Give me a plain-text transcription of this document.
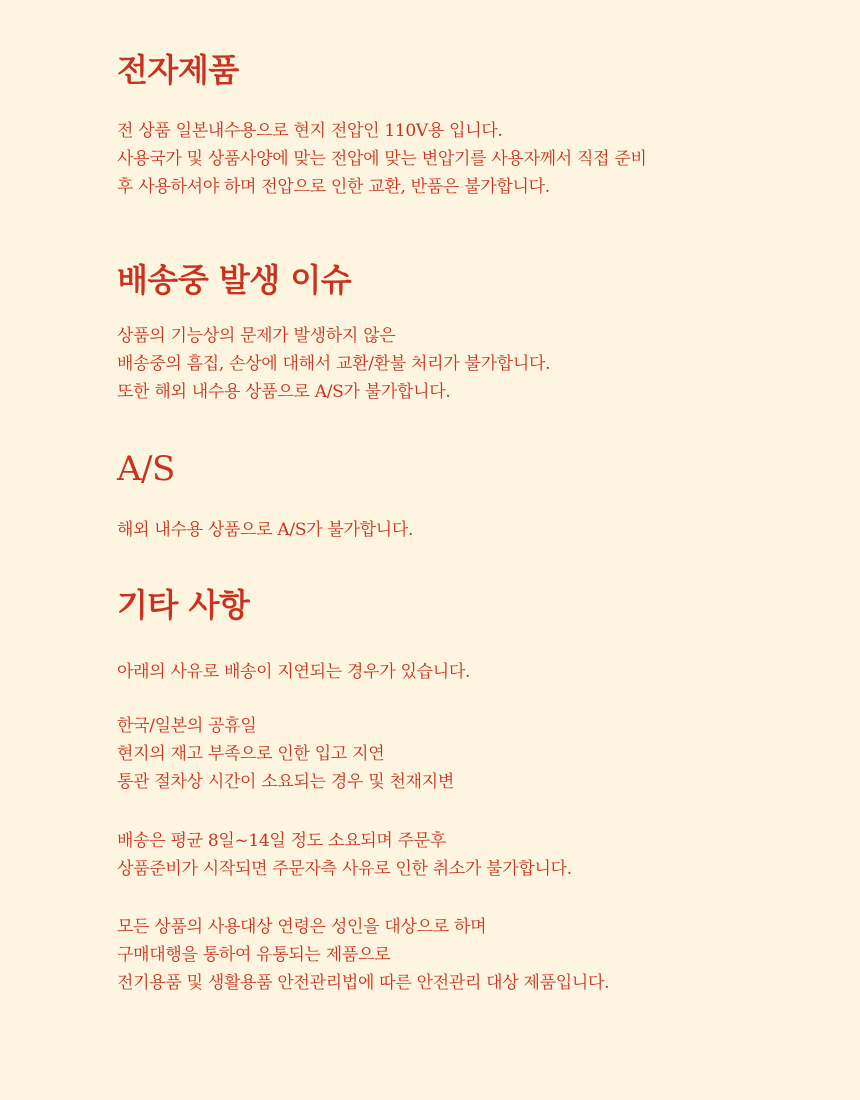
전자제품

전 상품 일본내수용으로 현지 전압인 110V용 입니다.
사용국가 및 상품사양에 맞는 전압에 맞는 변압기를 사용자께서 직접 준비
후 사용하셔야 하며 전압으로 인한 교환, 반품은 불가합니다.

배송중 발생 이슈

상품의 기능상의 문제가 발생하지 않은
배송중의 흠집, 손상에 대해서 교환/환불 처리가 불가합니다.
또한 해외 내수용 상품으로 A/S가 불가합니다.

A/S

해외 내수용 상품으로 A/S가 불가합니다.

기타 사항

아래의 사유로 배송이 지연되는 경우가 있습니다.

한국/일본의 공휴일
현지의 재고 부족으로 인한 입고 지연
통관 절차상 시간이 소요되는 경우 및 천재지변

배송은 평균 8일~14일 정도 소요되며 주문후
상품준비가 시작되면 주문자측 사유로 인한 취소가 불가합니다.

모든 상품의 사용대상 연령은 성인을 대상으로 하며
구매대행을 통하여 유통되는 제품으로
전기용품 및 생활용품 안전관리법에 따른 안전관리 대상 제품입니다.
